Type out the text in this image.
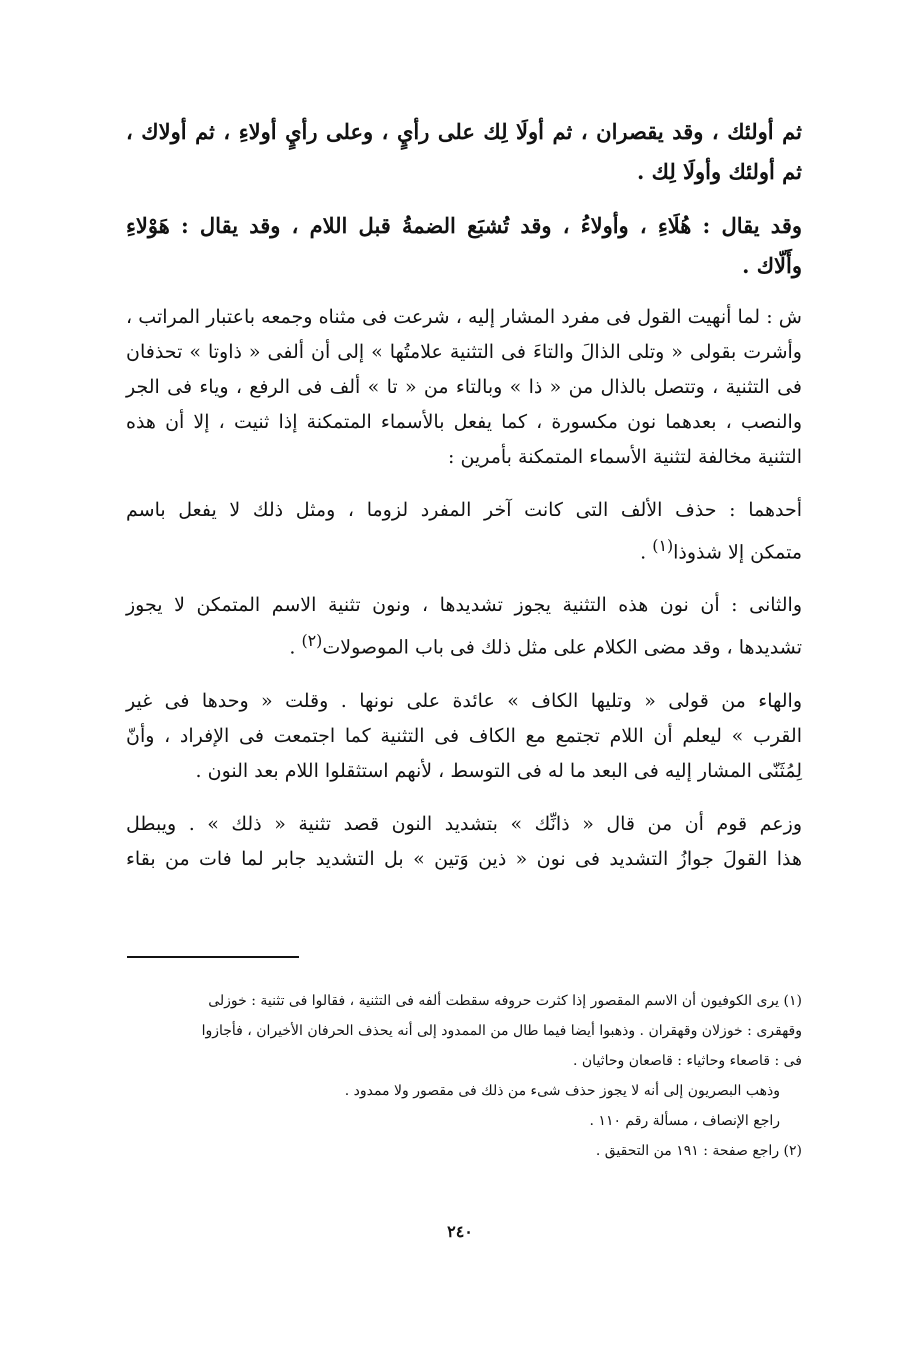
ثم أولئك ، وقد يقصران ، ثم أولَا لِك على رأيٍ ، وعلى رأيٍ أولاءِ ، ثم أولاك ،
ثم أولئك وأولَا لِك .

وقد يقال : هُلَاءِ ، وأولاءُ ، وقد تُشبَع الضمةُ قبل اللام ، وقد يقال : هَوْلاءِ
وأَلّاك .

ش : لما أنهيت القول فى مفرد المشار إليه ، شرعت فى مثناه وجمعه باعتبار المراتب ،
وأشرت بقولى « وتلى الذالَ والتاءَ فى التثنية علامتُها » إلى أن ألفى « ذاوتا » تحذفان
فى التثنية ، وتتصل بالذال من « ذا » وبالتاء من « تا » ألف فى الرفع ، وياء فى الجر
والنصب ، بعدهما نون مكسورة ، كما يفعل بالأسماء المتمكنة إذا ثنيت ، إلا أن هذه
التثنية مخالفة لتثنية الأسماء المتمكنة بأمرين :

أحدهما : حذف الألف التى كانت آخر المفرد لزوما ، ومثل ذلك لا يفعل باسم
متمكن إلا شذوذا$^{(١)}$ .

والثانى : أن نون هذه التثنية يجوز تشديدها ، ونون تثنية الاسم المتمكن لا يجوز
تشديدها ، وقد مضى الكلام على مثل ذلك فى باب الموصولات$^{(٢)}$ .

والهاء من قولى « وتليها الكاف » عائدة على نونها . وقلت « وحدها فى غير
القرب » ليعلم أن اللام تجتمع مع الكاف فى التثنية كما اجتمعت فى الإفراد ، وأنّ
لِمُثَنّى المشار إليه فى البعد ما له فى التوسط ، لأنهم استثقلوا اللام بعد النون .

وزعم قوم أن من قال « ذانِّك » بتشديد النون قصد تثنية « ذلك » . ويبطل
هذا القولَ جوازُ التشديد فى نون « ذين وَتين » بل التشديد جابر لما فات من بقاء

(١) يرى الكوفيون أن الاسم المقصور إذا كثرت حروفه سقطت ألفه فى التثنية ، فقالوا فى تثنية : خوزلى

وقهقرى : خوزلان وقهقران . وذهبوا أيضا فيما طال من الممدود إلى أنه يحذف الحرفان الأخيران ، فأجازوا

فى : قاصعاء وحاثياء : قاصعان وحاثيان .

وذهب البصريون إلى أنه لا يجوز حذف شىء من ذلك فى مقصور ولا ممدود .

راجع الإنصاف ، مسألة رقم ١١٠ .

(٢) راجع صفحة : ١٩١ من التحقيق .

٢٤٠
